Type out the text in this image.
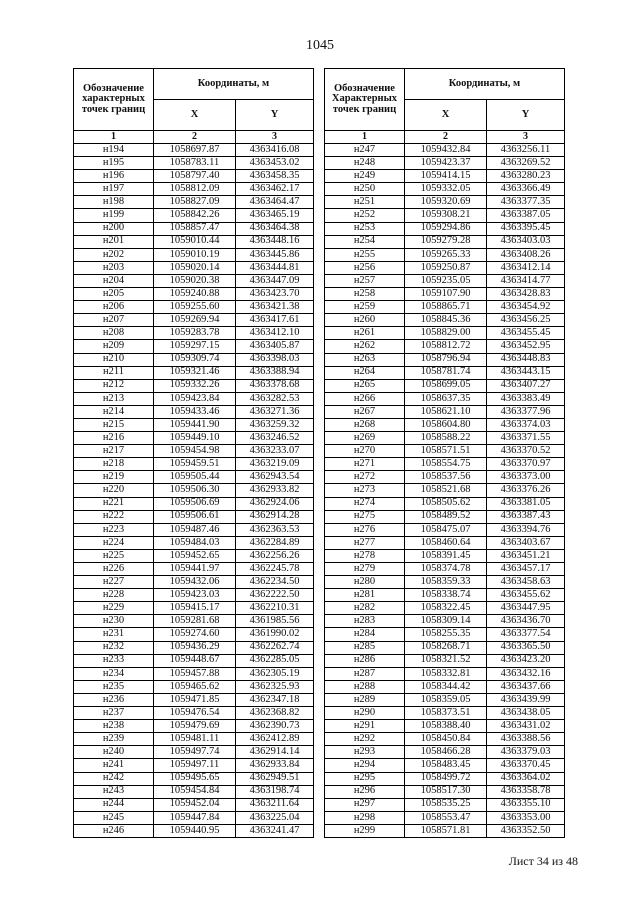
1045
Обозначение характерных точек границ	Координаты, м			Обозначение Характерных точек границ	Координаты, м	
	X	Y			X	Y
1	2	3		1	2	3
н194	1058697.87	4363416.08		н247	1059432.84	4363256.11
н195	1058783.11	4363453.02		н248	1059423.37	4363269.52
н196	1058797.40	4363458.35		н249	1059414.15	4363280.23
н197	1058812.09	4363462.17		н250	1059332.05	4363366.49
н198	1058827.09	4363464.47		н251	1059320.69	4363377.35
н199	1058842.26	4363465.19		н252	1059308.21	4363387.05
н200	1058857.47	4363464.38		н253	1059294.86	4363395.45
н201	1059010.44	4363448.16		н254	1059279.28	4363403.03
н202	1059010.19	4363445.86		н255	1059265.33	4363408.26
н203	1059020.14	4363444.81		н256	1059250.87	4363412.14
н204	1059020.38	4363447.09		н257	1059235.05	4363414.77
н205	1059240.88	4363423.70		н258	1059107.90	4363428.83
н206	1059255.60	4363421.38		н259	1058865.71	4363454.92
н207	1059269.94	4363417.61		н260	1058845.36	4363456.25
н208	1059283.78	4363412.10		н261	1058829.00	4363455.45
н209	1059297.15	4363405.87		н262	1058812.72	4363452.95
н210	1059309.74	4363398.03		н263	1058796.94	4363448.83
н211	1059321.46	4363388.94		н264	1058781.74	4363443.15
н212	1059332.26	4363378.68		н265	1058699.05	4363407.27
н213	1059423.84	4363282.53		н266	1058637.35	4363383.49
н214	1059433.46	4363271.36		н267	1058621.10	4363377.96
н215	1059441.90	4363259.32		н268	1058604.80	4363374.03
н216	1059449.10	4363246.52		н269	1058588.22	4363371.55
н217	1059454.98	4363233.07		н270	1058571.51	4363370.52
н218	1059459.51	4363219.09		н271	1058554.75	4363370.97
н219	1059505.44	4362943.54		н272	1058537.56	4363373.00
н220	1059506.30	4362933.82		н273	1058521.68	4363376.26
н221	1059506.69	4362924.06		н274	1058505.62	4363381.05
н222	1059506.61	4362914.28		н275	1058489.52	4363387.43
н223	1059487.46	4362363.53		н276	1058475.07	4363394.76
н224	1059484.03	4362284.89		н277	1058460.64	4363403.67
н225	1059452.65	4362256.26		н278	1058391.45	4363451.21
н226	1059441.97	4362245.78		н279	1058374.78	4363457.17
н227	1059432.06	4362234.50		н280	1058359.33	4363458.63
н228	1059423.03	4362222.50		н281	1058338.74	4363455.62
н229	1059415.17	4362210.31		н282	1058322.45	4363447.95
н230	1059281.68	4361985.56		н283	1058309.14	4363436.70
н231	1059274.60	4361990.02		н284	1058255.35	4363377.54
н232	1059436.29	4362262.74		н285	1058268.71	4363365.50
н233	1059448.67	4362285.05		н286	1058321.52	4363423.20
н234	1059457.88	4362305.19		н287	1058332.81	4363432.16
н235	1059465.62	4362325.93		н288	1058344.42	4363437.66
н236	1059471.85	4362347.18		н289	1058359.05	4363439.99
н237	1059476.54	4362368.82		н290	1058373.51	4363438.05
н238	1059479.69	4362390.73		н291	1058388.40	4363431.02
н239	1059481.11	4362412.89		н292	1058450.84	4363388.56
н240	1059497.74	4362914.14		н293	1058466.28	4363379.03
н241	1059497.11	4362933.84		н294	1058483.45	4363370.45
н242	1059495.65	4362949.51		н295	1058499.72	4363364.02
н243	1059454.84	4363198.74		н296	1058517.30	4363358.78
н244	1059452.04	4363211.64		н297	1058535.25	4363355.10
н245	1059447.84	4363225.04		н298	1058553.47	4363353.00
н246	1059440.95	4363241.47		н299	1058571.81	4363352.50
Лист 34 из 48
